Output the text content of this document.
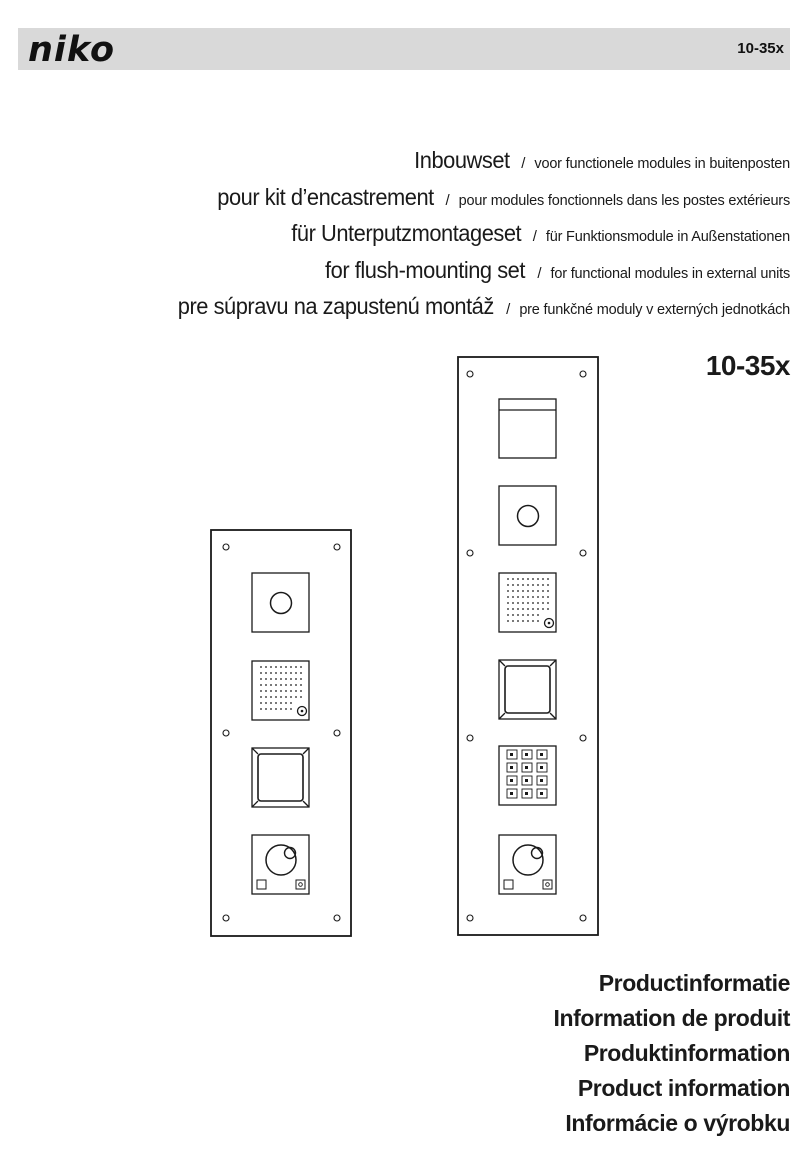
niko	10-35x
Inbouwset / voor functionele modules in buitenposten
pour kit d’encastrement / pour modules fonctionnels dans les postes extérieurs
für Unterputzmontageset / für Funktionsmodule in Außenstationen
for flush-mounting set / for functional modules in external units
pre súpravu na zapustenú montáž / pre funkčné moduly v externých jednotkách
10-35x
Productinformatie
Information de produit
Produktinformation
Product information
Informácie o výrobku
